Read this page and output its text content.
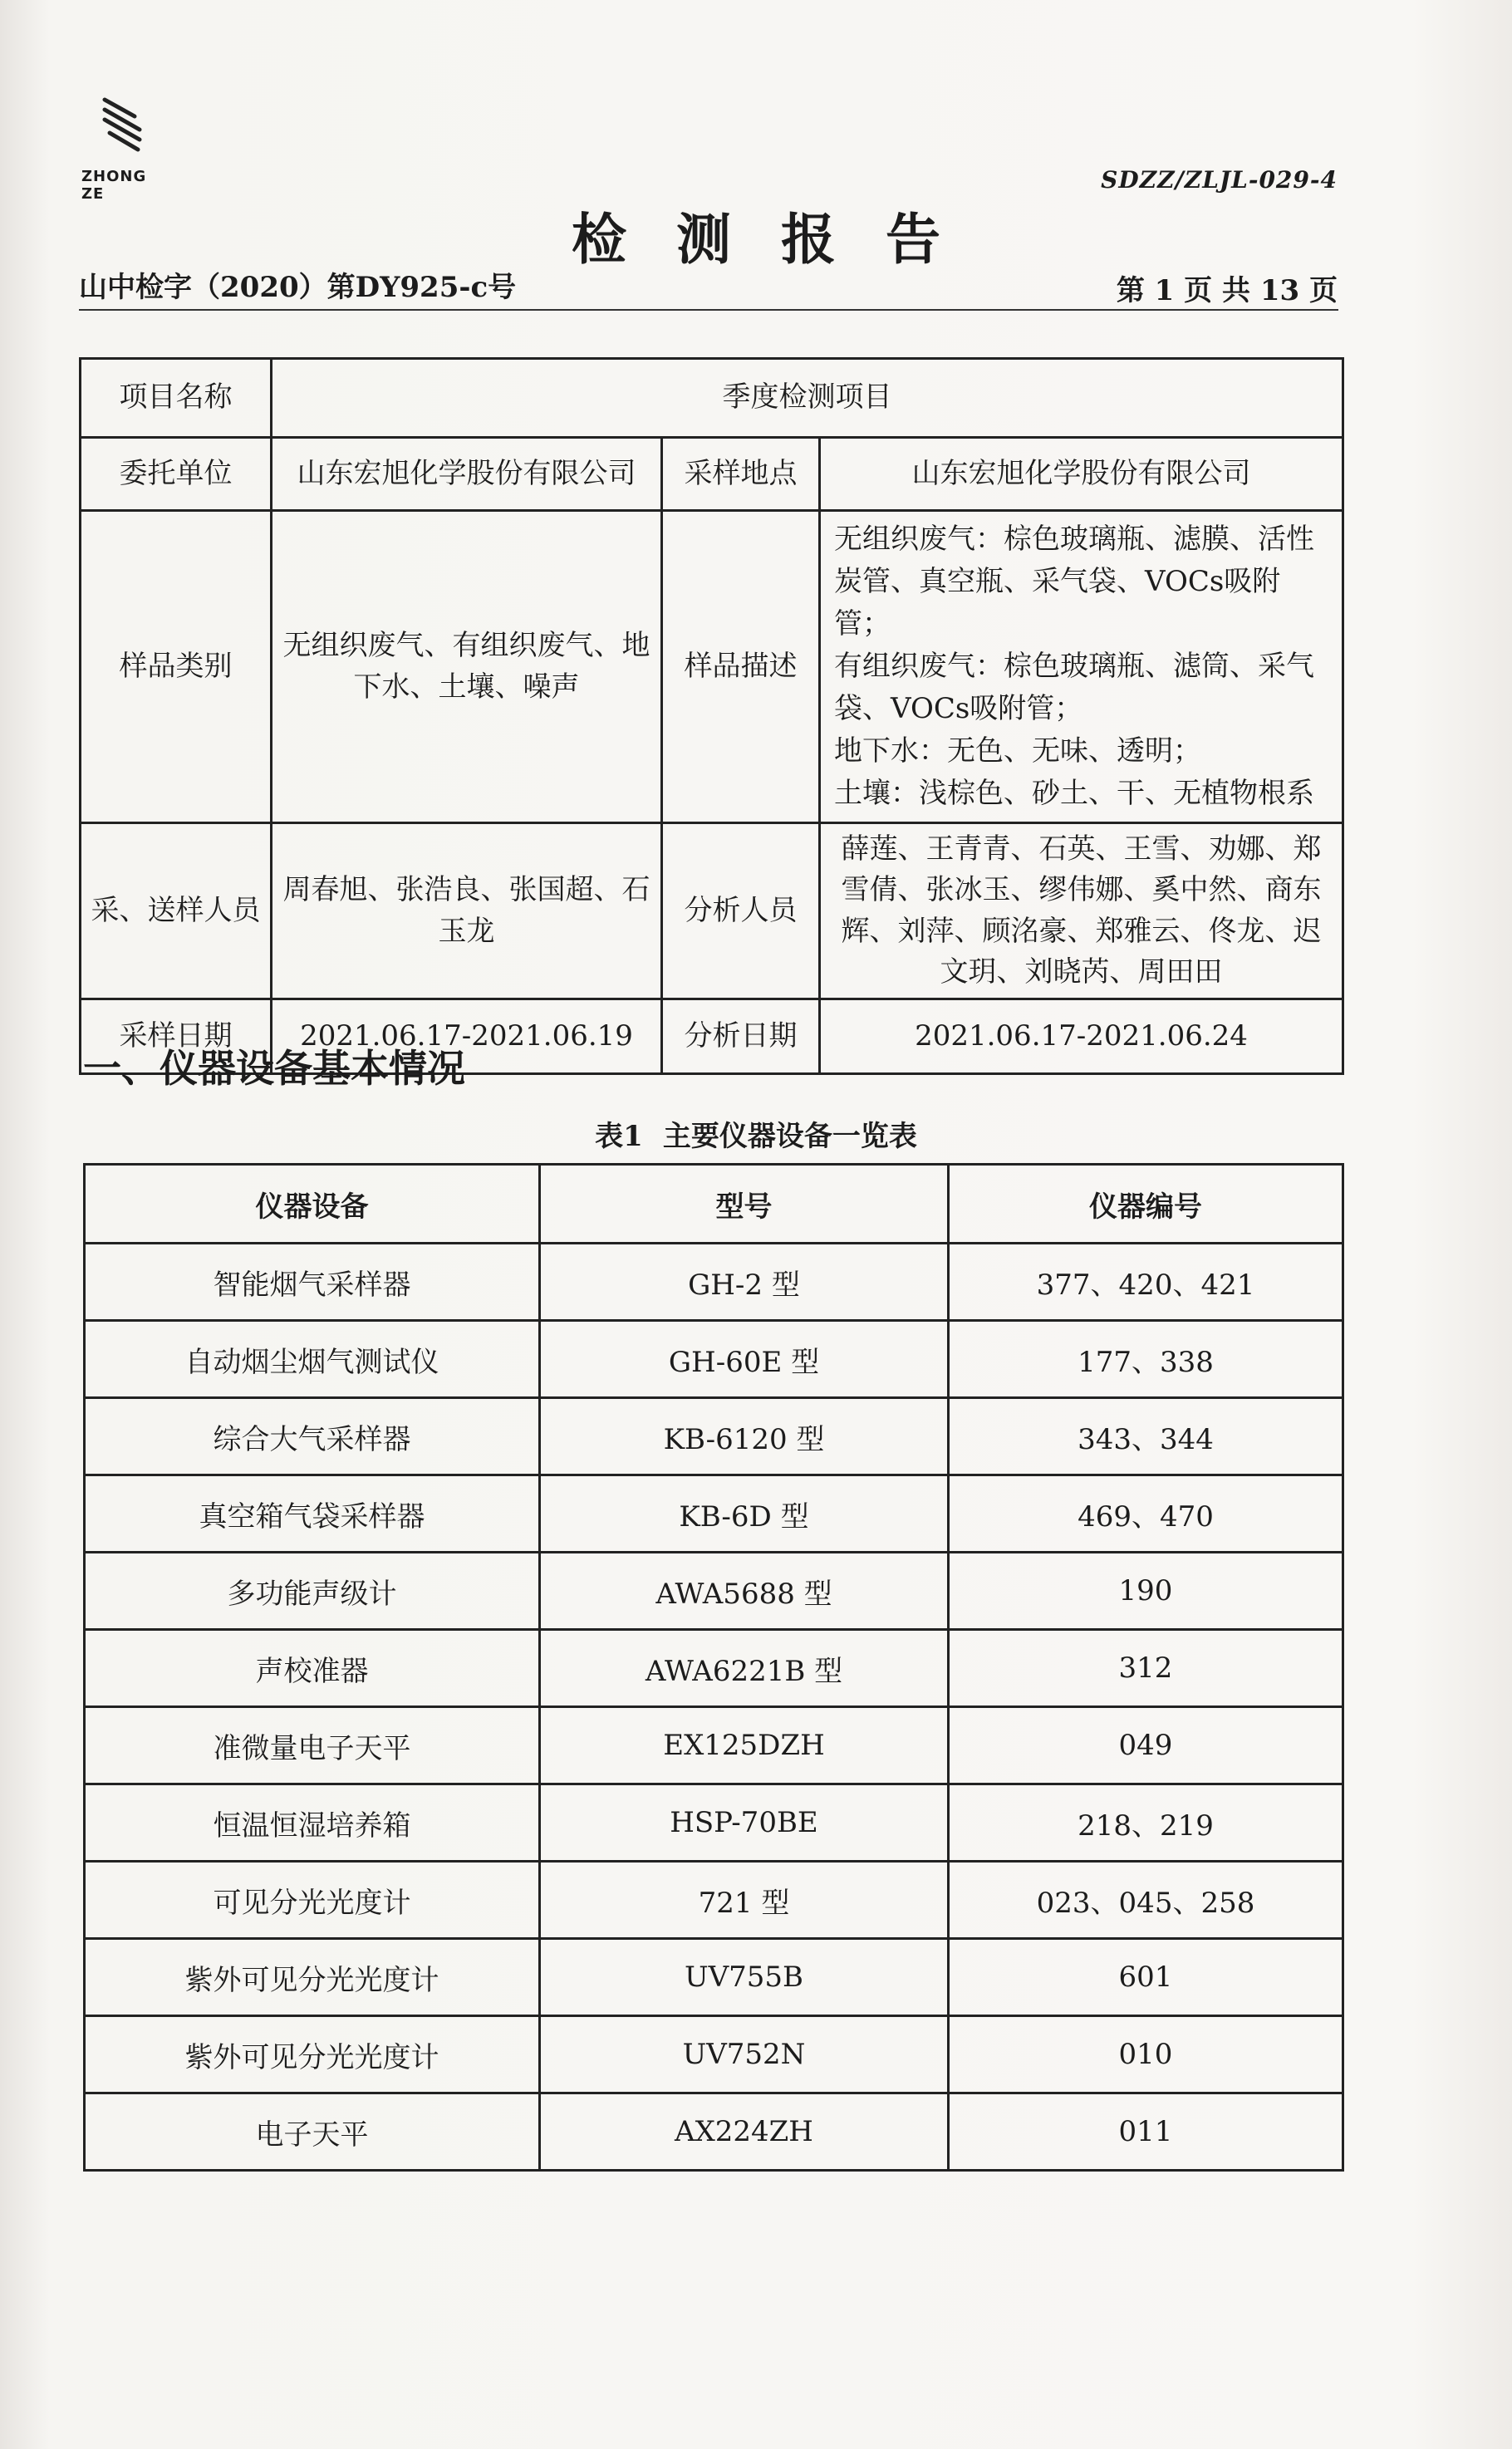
ZHONG ZE
SDZZ/ZLJL-029-4
检测报告
山中检字（2020）第DY925-c号	第 1 页 共 13 页
项目名称	季度检测项目		
委托单位	山东宏旭化学股份有限公司	采样地点	山东宏旭化学股份有限公司
样品类别	无组织废气、有组织废气、地下水、土壤、噪声	样品描述	无组织废气：棕色玻璃瓶、滤膜、活性炭管、真空瓶、采气袋、VOCs吸附管；
有组织废气：棕色玻璃瓶、滤筒、采气袋、VOCs吸附管；
地下水：无色、无味、透明；
土壤：浅棕色、砂土、干、无植物根系

采、送样人员	周春旭、张浩良、张国超、石玉龙	分析人员	薛莲、王青青、石英、王雪、劝娜、郑雪倩、张冰玉、缪伟娜、奚中然、商东辉、刘萍、顾洺豪、郑雅云、佟龙、迟文玥、刘晓芮、周田田
采样日期	2021.06.17-2021.06.19	分析日期	2021.06.17-2021.06.24
一、仪器设备基本情况
表1 主要仪器设备一览表
仪器设备	型号	仪器编号
智能烟气采样器	GH-2 型	377、420、421
自动烟尘烟气测试仪	GH-60E 型	177、338
综合大气采样器	KB-6120 型	343、344
真空箱气袋采样器	KB-6D 型	469、470
多功能声级计	AWA5688 型	190
声校准器	AWA6221B 型	312
准微量电子天平	EX125DZH	049
恒温恒湿培养箱	HSP-70BE	218、219
可见分光光度计	721 型	023、045、258
紫外可见分光光度计	UV755B	601
紫外可见分光光度计	UV752N	010
电子天平	AX224ZH	011
